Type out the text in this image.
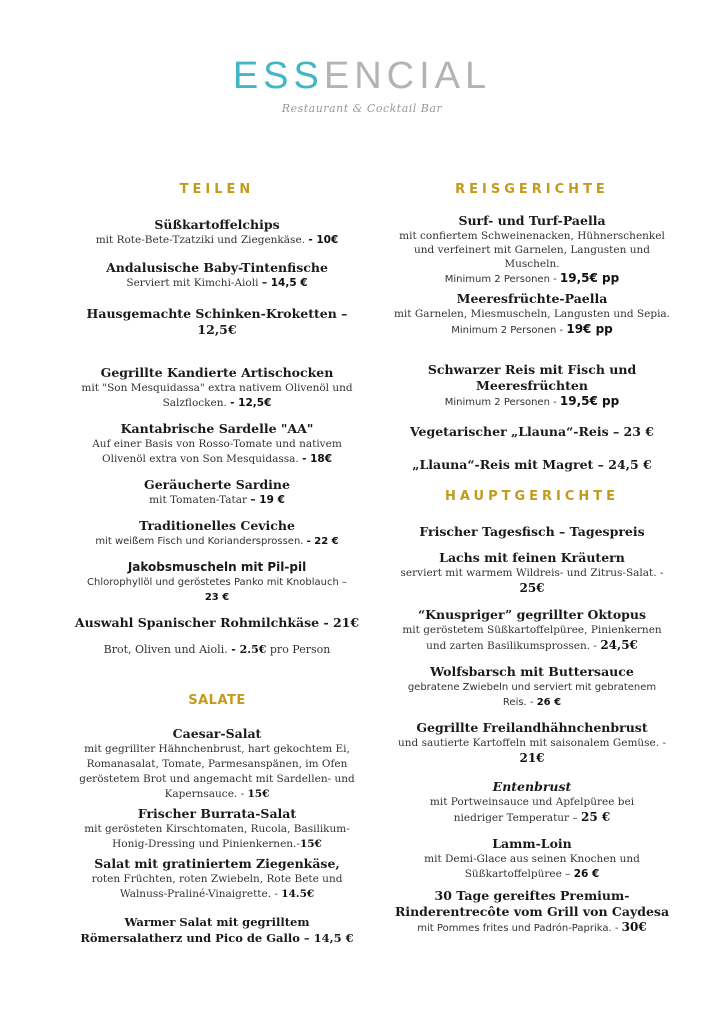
ESSENCIAL
Restaurant & Cocktail Bar
TEILEN
Süßkartoffelchips
mit Rote-Bete-Tzatziki und Ziegenkäse. - 10€
Andalusische Baby-Tintenfische
Serviert mit Kimchi-Aioli – 14,5 €
Hausgemachte Schinken-Kroketten – 12,5€
Gegrillte Kandierte Artischocken
mit "Son Mesquidassa" extra nativem Olivenöl und Salzflocken. - 12,5€
Kantabrische Sardelle "AA"
Auf einer Basis von Rosso-Tomate und nativem Olivenöl extra von Son Mesquidassa. - 18€
Geräucherte Sardine
mit Tomaten-Tatar – 19 €
Traditionelles Ceviche
mit weißem Fisch und Koriandersprossen. - 22 €
Jakobsmuscheln mit Pil-pil
Chlorophyllöl und geröstetes Panko mit Knoblauch –
23 €
Auswahl Spanischer Rohmilchkäse - 21€
Brot, Oliven und Aioli. - 2.5€ pro Person
SALATE
Caesar-Salat
mit gegrillter Hähnchenbrust, hart gekochtem Ei, Romanasalat, Tomate, Parmesanspänen, im Ofen geröstetem Brot und angemacht mit Sardellen- und Kapernsauce. - 15€
Frischer Burrata-Salat
mit gerösteten Kirschtomaten, Rucola, Basilikum-Honig-Dressing und Pinienkernen.-15€
Salat mit gratiniertem Ziegenkäse,
roten Früchten, roten Zwiebeln, Rote Bete und Walnuss-Praliné-Vinaigrette. - 14.5€
Warmer Salat mit gegrilltem Römersalatherz und Pico de Gallo – 14,5 €
REISGERICHTE
Surf- und Turf-Paella
mit confiertem Schweinenacken, Hühnerschenkel und verfeinert mit Garnelen, Langusten und Muscheln.
Minimum 2 Personen - 19,5€ pp
Meeresfrüchte-Paella
mit Garnelen, Miesmuscheln, Langusten und Sepia.
Minimum 2 Personen - 19€ pp
Schwarzer Reis mit Fisch und Meeresfrüchten
Minimum 2 Personen - 19,5€ pp
Vegetarischer „Llauna“-Reis – 23 €
„Llauna“-Reis mit Magret – 24,5 €
HAUPTGERICHTE
Frischer Tagesfisch – Tagespreis
Lachs mit feinen Kräutern
serviert mit warmem Wildreis- und Zitrus-Salat. -
25€
“Knuspriger” gegrillter Oktopus
mit geröstetem Süßkartoffelpüree, Pinienkernen und zarten Basilikumsprossen. - 24,5€
Wolfsbarsch mit Buttersauce
gebratene Zwiebeln und serviert mit gebratenem Reis. - 26 €
Gegrillte Freilandhähnchenbrust
und sautierte Kartoffeln mit saisonalem Gemüse. -
21€
Entenbrust
mit Portweinsauce und Apfelpüree bei niedriger Temperatur – 25 €
Lamm-Loin
mit Demi-Glace aus seinen Knochen und Süßkartoffelpüree – 26 €
30 Tage gereiftes Premium-Rinderentrecôte vom Grill von Caydesa
mit Pommes frites und Padrón-Paprika. - 30€
